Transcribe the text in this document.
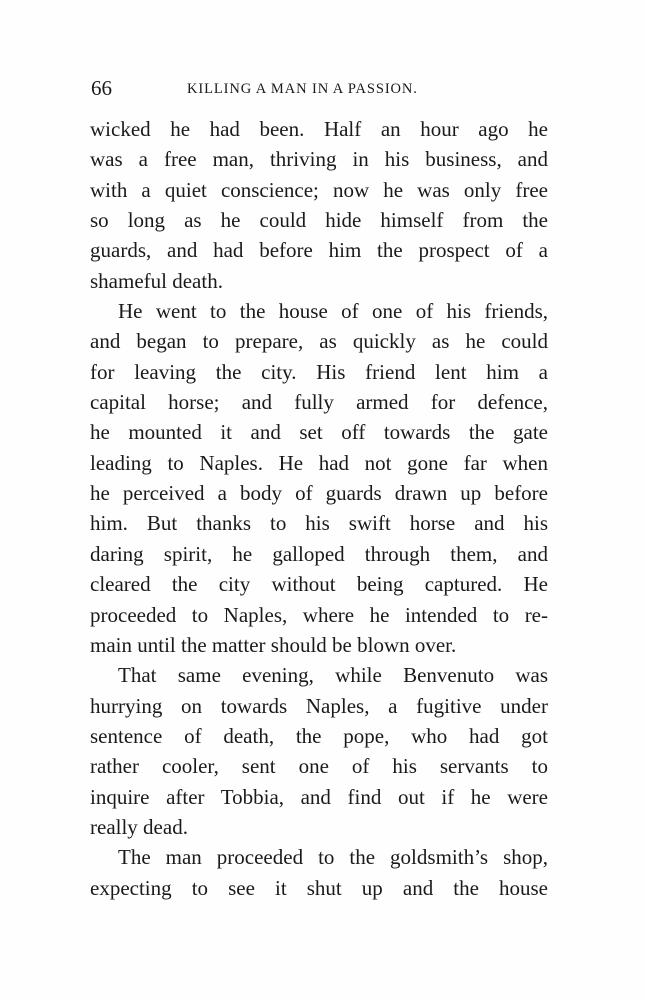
66	KILLING A MAN IN A PASSION.
wicked he had been. Half an hour ago he
was a free man, thriving in his business, and
with a quiet conscience; now he was only free
so long as he could hide himself from the
guards, and had before him the prospect of a
shameful death.
He went to the house of one of his friends,
and began to prepare, as quickly as he could
for leaving the city. His friend lent him a
capital horse; and fully armed for defence,
he mounted it and set off towards the gate
leading to Naples. He had not gone far when
he perceived a body of guards drawn up before
him. But thanks to his swift horse and his
daring spirit, he galloped through them, and
cleared the city without being captured. He
proceeded to Naples, where he intended to re-
main until the matter should be blown over.
That same evening, while Benvenuto was
hurrying on towards Naples, a fugitive under
sentence of death, the pope, who had got
rather cooler, sent one of his servants to
inquire after Tobbia, and find out if he were
really dead.
The man proceeded to the goldsmith’s shop,
expecting to see it shut up and the house
